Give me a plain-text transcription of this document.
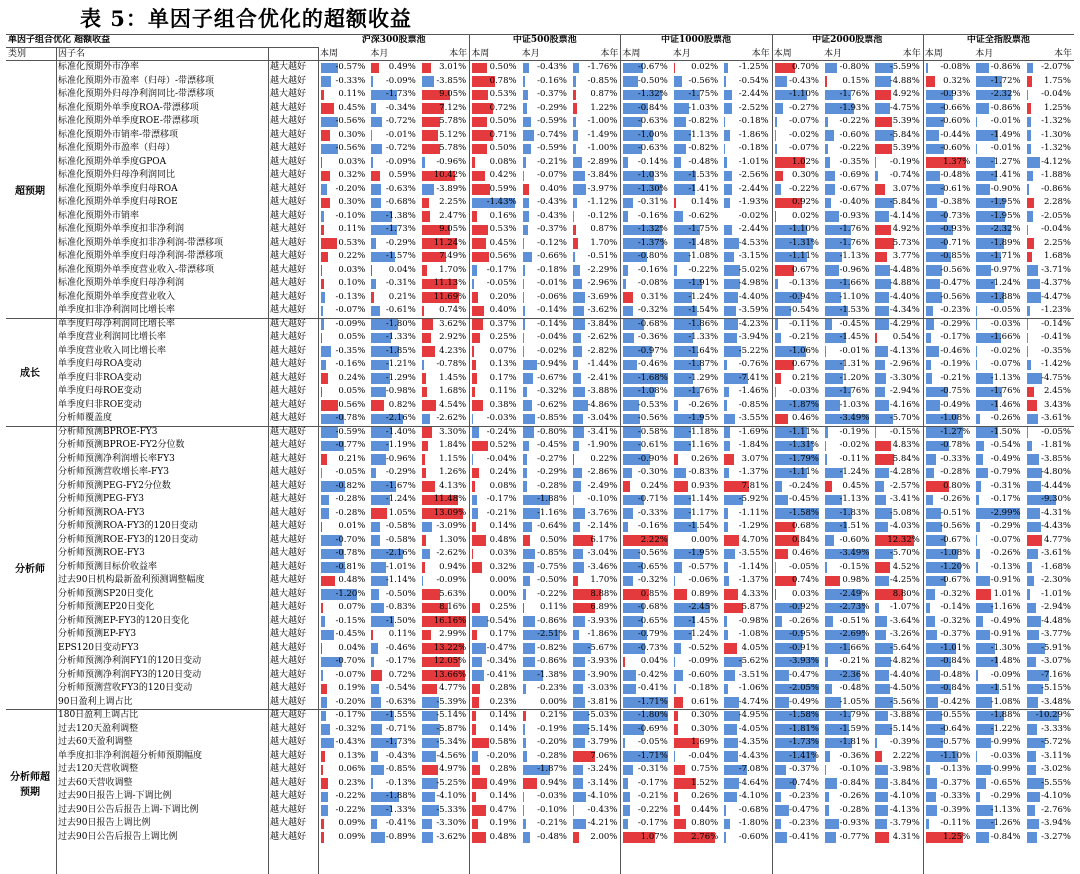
表 5：单因子组合优化的超额收益
单因子组合优化 超额收益
类别	因子名
沪深300股票池
本周	本月	本年
中证500股票池
本周	本月	本年
中证1000股票池
本周	本月	本年
中证2000股票池
本周	本月	本年
中证全指股票池
本周	本月	本年
超预期
成长
分析师
分析师超预期
标准化预期外市净率	越大越好	-0.57%	0.49%	3.01%	0.50%	-0.43%	-1.76%	-0.67%	0.02%	-1.25%	0.70%	-0.80%	-5.59%	-0.08%	-0.86%	-2.07%
标准化预期外市盈率（归母）-带漂移项	越大越好	-0.33%	-0.09%	-3.85%	0.78%	-0.16%	-0.85%	-0.50%	-0.56%	-0.54%	-0.43%	0.15%	-4.88%	0.32%	-1.72%	1.75%
标准化预期外归母净利润同比-带漂移项	越大越好	0.11%	-1.73%	9.05%	0.53%	-0.37%	0.87%	-1.32%	-1.75%	-2.44%	-1.10%	-1.76%	4.92%	-0.93%	-2.32%	-0.04%
标准化预期外单季度ROA-带漂移项	越大越好	0.45%	-0.34%	7.12%	0.72%	-0.29%	1.22%	-0.84%	-1.03%	-2.52%	-0.27%	-1.93%	-4.75%	-0.66%	-0.86%	1.25%
标准化预期外单季度ROE-带漂移项	越大越好	-0.56%	-0.72%	5.78%	0.50%	-0.59%	-1.00%	-0.63%	-0.82%	-0.18%	-0.07%	-0.22%	5.39%	-0.60%	-0.01%	-1.32%
标准化预期外市销率-带漂移项	越大越好	0.30%	-0.01%	5.12%	0.71%	-0.74%	-1.49%	-1.00%	-1.13%	-1.86%	-0.02%	-0.60%	-5.84%	-0.44%	-1.49%	-1.30%
标准化预期外市盈率（归母）	越大越好	-0.56%	-0.72%	5.78%	0.50%	-0.59%	-1.00%	-0.63%	-0.82%	-0.18%	-0.07%	-0.22%	5.39%	-0.60%	-0.01%	-1.32%
标准化预期外单季度GPOA	越大越好	0.03%	-0.09%	-0.96%	0.08%	-0.21%	-2.89%	-0.14%	-0.48%	-1.01%	1.02%	-0.35%	-0.19%	1.37%	-1.27%	-4.12%
标准化预期外归母净利润同比	越大越好	0.32%	0.59%	10.42%	0.42%	-0.07%	-3.84%	-1.03%	-1.53%	-2.56%	0.30%	-0.69%	-0.74%	-0.48%	-1.41%	-1.88%
标准化预期外单季度归母ROA	越大越好	-0.20%	-0.63%	-3.89%	0.59%	0.40%	-3.97%	-1.30%	-1.41%	-2.44%	-0.22%	-0.67%	3.07%	-0.61%	-0.90%	-0.86%
标准化预期外单季度归母ROE	越大越好	0.30%	-0.68%	2.25%	-1.43%	-0.43%	-1.12%	-0.31%	0.14%	-1.93%	0.92%	-0.40%	-5.84%	-0.38%	-1.95%	2.28%
标准化预期外市销率	越大越好	-0.10%	-1.38%	2.47%	0.16%	-0.43%	-0.12%	-0.16%	-0.62%	-0.02%	0.02%	-0.93%	-4.14%	-0.73%	-1.95%	-2.05%
标准化预期外单季度扣非净利润	越大越好	0.11%	-1.73%	9.05%	0.53%	-0.37%	0.87%	-1.32%	-1.75%	-2.44%	-1.10%	-1.76%	4.92%	-0.93%	-2.32%	-0.04%
标准化预期外单季度扣非净利润-带漂移项	越大越好	0.53%	-0.29%	11.24%	0.45%	-0.12%	1.70%	-1.37%	-1.48%	-4.53%	-1.31%	-1.76%	5.73%	-0.71%	-1.89%	2.25%
标准化预期外单季度归母净利润-带漂移项	越大越好	0.22%	-1.57%	7.49%	0.56%	-0.66%	-0.51%	-0.80%	-1.08%	-3.15%	-1.11%	-1.13%	3.77%	-0.85%	-1.71%	1.68%
标准化预期外单季度营业收入-带漂移项	越大越好	0.03%	0.04%	1.70%	-0.17%	-0.18%	-2.29%	-0.16%	-0.22%	-5.02%	0.67%	-0.96%	-4.48%	-0.56%	-0.97%	-3.71%
标准化预期外单季度归母净利润	越大越好	0.10%	-0.31%	11.13%	-0.05%	-0.01%	-2.96%	-0.08%	-1.91%	-4.98%	-0.13%	-1.66%	-4.88%	-0.47%	-1.24%	-4.37%
标准化预期外单季度营业收入	越大越好	-0.13%	0.21%	11.69%	0.20%	-0.06%	-3.69%	0.31%	-1.24%	-4.40%	-0.94%	-1.10%	-4.40%	-0.56%	-1.88%	-4.47%
单季度扣非净利润同比增长率	越大越好	-0.07%	-0.61%	0.74%	0.40%	-0.14%	-3.62%	-0.32%	-1.54%	-3.59%	-0.54%	-1.53%	-4.34%	-0.23%	-0.05%	-1.23%
单季度归母净利润同比增长率	越大越好	-0.09%	-1.80%	3.62%	0.37%	-0.14%	-3.84%	-0.68%	-1.86%	-4.23%	-0.11%	-0.45%	-4.29%	-0.29%	-0.03%	-0.14%
单季度营业利润同比增长率	越大越好	0.05%	-1.33%	2.92%	0.25%	-0.04%	-2.62%	-0.36%	-1.33%	-3.94%	-0.21%	-1.45%	0.54%	-0.17%	-1.66%	-0.41%
单季度营业收入同比增长率	越大越好	-0.35%	-1.85%	4.23%	0.07%	-0.02%	-2.82%	-0.97%	-1.64%	-5.22%	-1.06%	-0.01%	-4.13%	-0.46%	-0.02%	-0.35%
单季度归母ROA变动	越大越好	-0.16%	-1.21%	-0.78%	0.13%	-0.94%	-1.44%	-0.46%	-1.87%	-0.76%	0.67%	-1.31%	-2.96%	-0.19%	-0.07%	-1.42%
单季度归非ROA变动	越大越好	0.24%	-1.29%	1.45%	0.17%	-0.67%	-2.41%	-1.68%	-1.29%	-7.41%	0.21%	-1.20%	-3.30%	-0.21%	-1.13%	-4.75%
单季度归母ROE变动	越大越好	0.05%	-0.98%	1.68%	0.11%	-0.32%	-3.88%	-1.08%	-1.76%	-1.46%	-0.03%	-1.76%	-2.94%	-0.75%	-1.76%	2.45%
单季度归非ROE变动	越大越好	0.56%	0.82%	4.54%	0.38%	-0.62%	-4.86%	-0.53%	-0.26%	-0.85%	-1.87%	-1.03%	-4.16%	-0.49%	-1.46%	3.43%
分析师覆盖度	越大越好	-0.78%	-2.16%	-2.62%	-0.03%	-0.85%	-3.04%	-0.56%	-1.95%	-3.55%	0.46%	-3.49%	-5.70%	-1.08%	-0.26%	-3.61%
分析师预测BPROE-FY3	越大越好	-0.59%	-1.40%	3.30%	-0.24%	-0.80%	-3.41%	-0.58%	-1.18%	-1.69%	-1.11%	-0.19%	-0.15%	-1.27%	-1.50%	-0.05%
分析师预测BPROE-FY2分位数	越大越好	-0.77%	-1.19%	1.84%	0.52%	-0.45%	-1.90%	-0.61%	-1.16%	-1.84%	-1.31%	-0.02%	4.83%	-0.78%	-0.54%	-1.81%
分析师预测净利润增长率FY3	越大越好	0.21%	-0.96%	1.15%	-0.04%	-0.27%	0.22%	-0.90%	0.26%	3.07%	-1.79%	-0.11%	5.84%	-0.33%	-0.49%	-3.85%
分析师预测营收增长率-FY3	越大越好	-0.05%	-0.29%	1.26%	0.24%	-0.29%	-2.86%	-0.30%	-0.83%	-1.37%	-1.11%	-1.24%	-4.28%	-0.28%	-0.79%	-4.80%
分析师预测PEG-FY2分位数	越大越好	-0.82%	-1.67%	4.13%	0.08%	-0.28%	-2.49%	0.24%	0.93%	7.81%	-0.24%	0.45%	-2.57%	0.80%	-0.31%	-4.44%
分析师预测PEG-FY3	越大越好	-0.28%	-1.24%	11.48%	-0.17%	-1.88%	-0.10%	-0.71%	-1.14%	-5.92%	-0.45%	-1.13%	-3.41%	-0.26%	-0.17%	-9.30%
分析师预测ROA-FY3	越大越好	-0.28%	1.05%	13.09%	-0.21%	-1.16%	-3.76%	-0.33%	-1.17%	-1.11%	-1.58%	-1.83%	-5.08%	-0.51%	-2.99%	-4.31%
分析师预测ROA-FY3的120日变动	越大越好	0.01%	-0.58%	-3.09%	0.14%	-0.64%	-2.14%	-0.16%	-1.54%	-1.29%	0.68%	-1.51%	-4.03%	-0.56%	-0.29%	-4.43%
分析师预测ROE-FY3的120日变动	越大越好	-0.70%	-0.58%	1.30%	0.48%	0.50%	6.17%	2.22%	0.00%	4.70%	0.84%	-0.60%	12.32%	-0.67%	-0.07%	4.77%
分析师预测ROE-FY3	越大越好	-0.78%	-2.16%	-2.62%	0.03%	-0.85%	-3.04%	-0.56%	-1.95%	-3.55%	0.46%	-3.49%	-5.70%	-1.08%	-0.26%	-3.61%
分析师预测目标价收益率	越大越好	-0.81%	-1.01%	0.94%	0.32%	-0.75%	-3.46%	-0.65%	-0.57%	-1.14%	-0.05%	-0.15%	4.52%	-1.20%	-0.13%	-1.68%
过去90日机构最新盈利预测调整幅度	越大越好	0.48%	-1.14%	-0.09%	0.00%	-0.50%	1.70%	-0.32%	-0.06%	-1.37%	0.74%	0.98%	-4.25%	-0.67%	-0.91%	-2.30%
分析师预测SP20日变化	越大越好	-1.20%	-0.50%	5.63%	0.00%	-0.22%	8.88%	0.85%	0.89%	4.33%	0.03%	-2.49%	8.80%	-0.32%	1.01%	-1.01%
分析师预测EP20日变化	越大越好	0.07%	-0.83%	8.16%	0.25%	0.11%	6.89%	-0.68%	-2.45%	5.87%	-0.92%	-2.73%	-1.07%	-0.14%	-1.16%	-2.94%
分析师预测EP-FY3的120日变化	越大越好	-0.15%	-1.50%	16.16%	-0.54%	-0.86%	-3.93%	-0.65%	-1.45%	-0.98%	-0.26%	-0.51%	-3.64%	-0.32%	-0.49%	-4.48%
分析师预测EP-FY3	越大越好	-0.45%	0.11%	2.99%	0.17%	-2.51%	-1.86%	-0.79%	-1.24%	-1.08%	-0.95%	-2.69%	-3.26%	-0.37%	-0.91%	-3.77%
EPS120日变动FY3	越大越好	0.04%	-0.46%	13.22%	-0.47%	-0.82%	-5.67%	-0.73%	-0.52%	4.05%	-0.91%	-1.66%	-5.64%	-1.01%	-1.30%	-5.91%
分析师预测净利润FY1的120日变动	越大越好	-0.70%	-0.17%	12.05%	-0.34%	-0.86%	-3.93%	0.04%	-0.09%	-5.62%	-3.93%	-0.21%	-4.82%	-0.84%	-1.48%	-3.07%
分析师预测净利润FY3的120日变动	越大越好	-0.07%	0.72%	13.66%	-0.41%	-1.38%	-3.90%	-0.42%	-0.60%	-3.51%	-0.47%	-2.36%	-4.40%	-0.48%	-0.09%	-7.16%
分析师预测营收FY3的120日变动	越大越好	0.19%	-0.54%	4.77%	0.28%	-0.23%	-3.03%	-0.41%	-0.18%	-1.06%	-2.05%	-0.48%	-4.50%	-0.84%	-1.51%	-5.15%
90日盈利上调占比	越大越好	-0.20%	-0.63%	-5.39%	0.23%	0.00%	-3.81%	-1.71%	0.61%	-4.74%	-0.49%	-1.05%	-5.56%	-0.42%	-1.08%	-3.48%
180日盈利上调占比	越大越好	-0.17%	-1.55%	-5.14%	0.14%	0.21%	-5.03%	-1.80%	0.30%	-4.95%	-1.58%	-1.79%	-3.88%	-0.55%	-1.88%	-10.29%
过去120天盈利调整	越大越好	-0.32%	-0.71%	-5.87%	0.14%	-0.19%	-5.14%	-0.69%	0.30%	-4.05%	-1.81%	-1.59%	-5.14%	-0.64%	-1.22%	-3.33%
过去60天盈利调整	越大越好	-0.43%	-1.73%	-5.34%	0.58%	-0.20%	-3.79%	-0.05%	1.69%	-4.35%	-1.73%	-1.81%	-0.39%	-0.57%	-0.99%	-5.72%
单季度扣非净利润超分析师预期幅度	越大越好	0.13%	-0.43%	-4.56%	-0.20%	-0.28%	7.06%	-1.71%	-0.04%	-4.43%	-1.41%	-0.36%	2.22%	-1.10%	-0.03%	-3.11%
过去120天营收调整	越大越好	0.06%	-0.85%	4.97%	0.28%	-1.87%	-3.24%	-0.31%	0.75%	-7.08%	-0.37%	-0.10%	-3.98%	-0.13%	-0.99%	-3.02%
过去60天营收调整	越大越好	0.23%	-0.13%	-5.25%	0.49%	0.94%	-3.14%	-0.17%	1.52%	-4.64%	-0.74%	-0.84%	-3.84%	-0.37%	-0.65%	-5.55%
过去90日报告上调-下调比例	越大越好	-0.22%	-1.88%	-4.10%	0.14%	-0.03%	-4.10%	-0.21%	0.26%	-4.10%	-0.23%	-0.26%	-4.10%	-0.33%	-0.29%	-4.10%
过去90日公告后报告上调-下调比例	越大越好	-0.22%	-1.33%	-5.33%	0.47%	-0.10%	-0.43%	-0.22%	0.44%	-0.68%	-0.47%	-0.28%	-4.13%	-0.39%	-1.13%	-2.76%
过去90日报告上调比例	越大越好	0.09%	-0.41%	-3.30%	0.19%	-0.21%	-4.21%	-0.17%	0.80%	-1.80%	-0.23%	-0.93%	-3.79%	-0.11%	-1.26%	-3.94%
过去90日公告后报告上调比例	越大越好	0.09%	-0.89%	-3.62%	0.48%	-0.48%	2.00%	1.07%	2.76%	-0.60%	-0.41%	-0.77%	4.31%	1.25%	-0.84%	-3.27%
